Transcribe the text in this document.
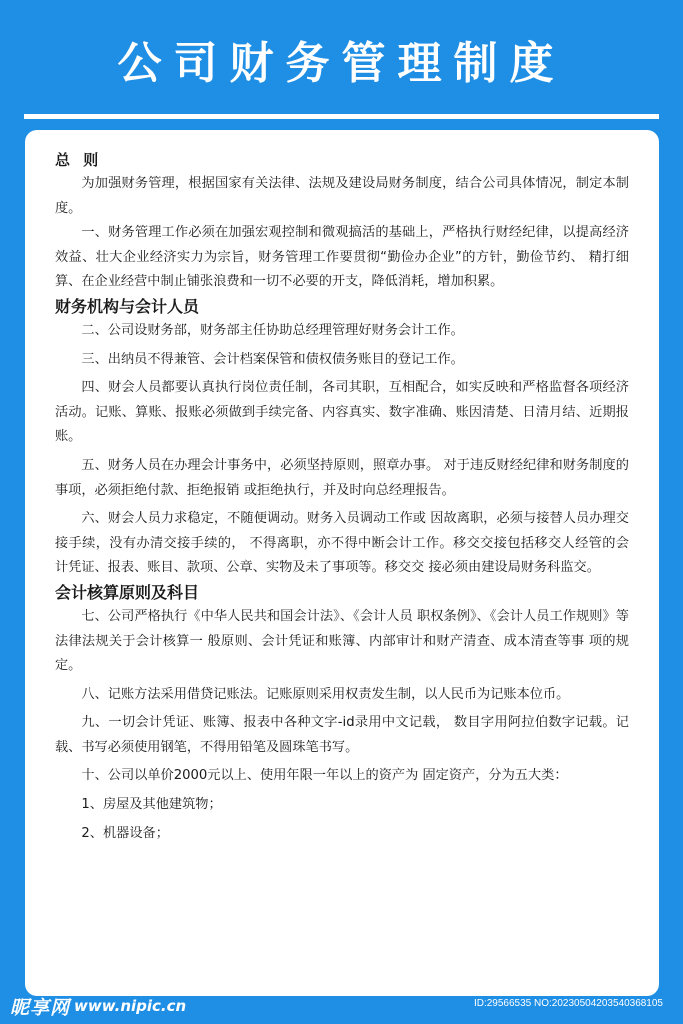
公司财务管理制度

总 则

为加强财务管理，根据国家有关法律、法规及建设局财务制度，结合公司具体情况，制定本制度。

一、财务管理工作必须在加强宏观控制和微观搞活的基础上，严格执行财经纪律，以提高经济效益、壮大企业经济实力为宗旨，财务管理工作要贯彻“勤俭办企业”的方针，勤俭节约、 精打细算、在企业经营中制止铺张浪费和一切不必要的开支，降低消耗，增加积累。

财务机构与会计人员

二、公司设财务部，财务部主任协助总经理管理好财务会计工作。

三、出纳员不得兼管、会计档案保管和债权债务账目的登记工作。

四、财会人员都要认真执行岗位责任制，各司其职，互相配合，如实反映和严格监督各项经济活动。记账、算账、报账必须做到手续完备、内容真实、数字准确、账因清楚、日清月结、近期报账。

五、财务人员在办理会计事务中，必须坚持原则，照章办事。 对于违反财经纪律和财务制度的事项，必须拒绝付款、拒绝报销 或拒绝执行，并及时向总经理报告。

六、财会人员力求稳定，不随便调动。财务入员调动工作或 因故离职，必须与接替人员办理交接手续，没有办清交接手续的， 不得离职，亦不得中断会计工作。移交交接包括移交人经管的会 计凭证、报表、账目、款项、公章、实物及未了事项等。移交交 接必须由建设局财务科监交。

会计核算原则及科目

七、公司严格执行《中华人民共和国会计法》、《会计人员 职权条例》、《会计人员工作规则》等法律法规关于会计核算一 般原则、会计凭证和账簿、内部审计和财产清查、成本清查等事 项的规定。

八、记账方法采用借贷记账法。记账原则采用权责发生制，以人民币为记账本位币。

九、一切会计凭证、账簿、报表中各种文字-id录用中文记载， 数目字用阿拉伯数字记载。记载、书写必须使用钢笔，不得用铅笔及圆珠笔书写。

十、公司以单价2000元以上、使用年限一年以上的资产为 固定资产，分为五大类：

1、房屋及其他建筑物；

2、机器设备；

昵享网 www.nipic.cn	ID:29566535 NO:20230504203540368105
